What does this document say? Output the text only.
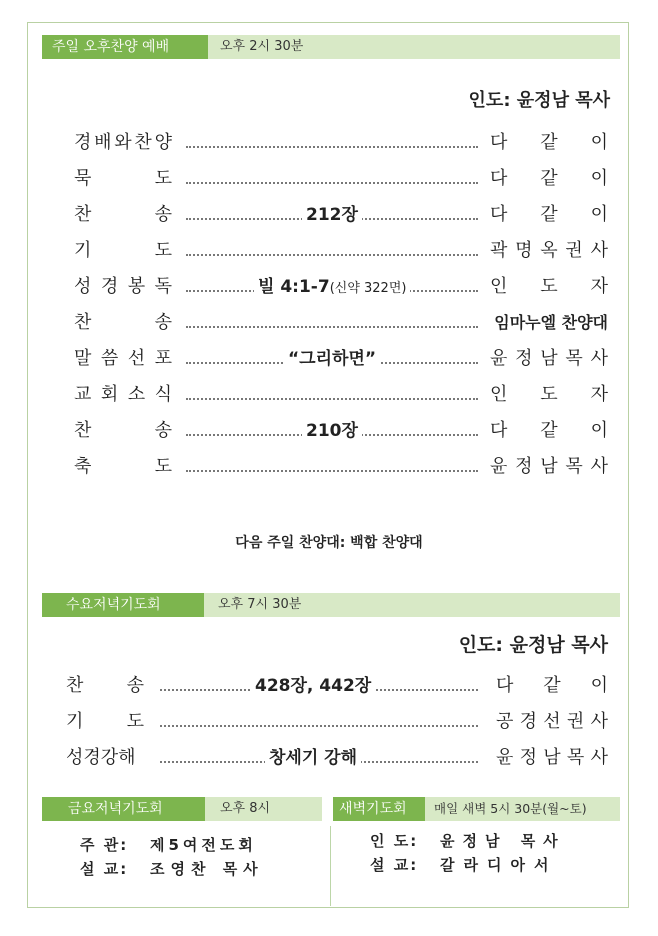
주일 오후찬양 예배	오후 2시 30분
인도: 윤정남 목사
경 배 와 찬 양	다 같 이
묵	도	다 같 이
찬	송	212장	다 같 이
기	도	곽 명 옥 권 사
성 경 봉 독	빌 4:1-7(신약 322면)	인 도 자
찬	송	임마누엘 찬양대
말 씀 선 포	“그리하면”	윤 정 남 목 사
교 회 소 식	인 도 자
찬	송	210장	다 같 이
축	도	윤 정 남 목 사
다음 주일 찬양대: 백합 찬양대
수요저녁기도회	오후 7시 30분
인도: 윤정남 목사
찬 송	428장, 442장	다 같 이
기 도	공 경 선 권 사
성경강해	창세기 강해	윤 정 남 목 사
금요저녁기도회	오후 8시
주 관: 제5여전도회
설 교: 조영찬 목사
새벽기도회	매일 새벽 5시 30분(월~토)
인 도: 윤정남 목사
설 교: 갈라디아서
